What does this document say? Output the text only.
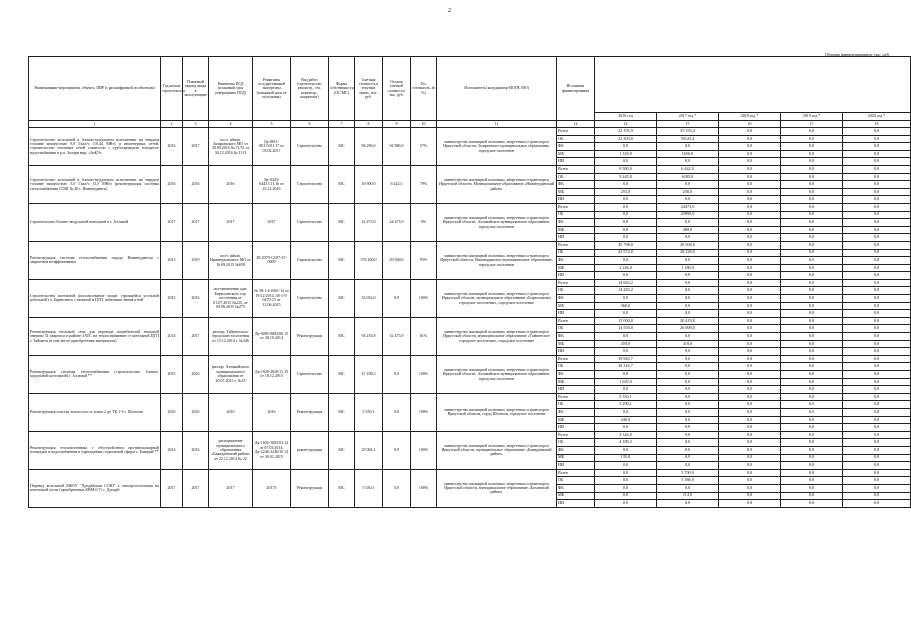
2
Объемы финансирования, тыс. руб.
Наименование мероприятия, объекта, ПИР (с расшифровкой по объектам)	Год начала строительства	Плановый период ввода в эксплуатацию	Реквизиты ПСД (плановый срок утверждения ПСД)	Реквизиты государственной экспертизы (плановый срок ее получения)	Вид работ (строительство, реконстр., тех. перевоор., капремонт)	Форма собственности (ОС/МС)	Сметная стоимость в текущих ценах, тыс. руб.	Остаток сметной стоимости, тыс. руб.	Тех. готовность, (в %)	Исполнитель (координатор-ИОГВ, МО)	Источники финансирования					
												2016 год	2017 год *	2018 год *	2019 год *	2020 год *
1	2	3	4	5	6	7	8	9	10	11	12	14	15	16	17	18
Строительство котельной в блочно-модульном исполнении на твердом топливе мощностью 9,0 Гкал/ч (10,44 МВт) и инженерных сетей, строительство тепловых сетей совместно с трубопроводом холодного водоснабжения в р.п. Залари мкр. «ЗиКЭ»	2016	2017	пост. admin. Заларинского МО от 30.09.2016 № 71/51 от 30.12.2016 № 1113	Дк-0011-00113/01.17 от 03.02.2017	Строительство	МС	96 296,9	94 986,0	57%	министерство жилищной политики, энергетики и транспорта Иркутской области, Заларинское муниципальное образование, городское поселение	Всего	23 195,9	55 193,4	0,0	0,0	0,0
											ОБ	22 303,8	53125,4	0,0	0,0	0,0
											ФБ	0,0	0,0	0,0	0,0	0,0
											МБ	1 318,9	1656,0	0,0	0,0	0,0
											ИИ	0,0	0,0	0,0	0,0	0,0
Строительство котельной в блочно-модульном исполнении на твердом топливе мощностью 3,0 Гкал/ч (3,5 МВт) (реконструкция системы теплоснабжения СОШ № 48 г. Нижнеудинск)	2016	2016	2016	Дк-0443-04431/11.16 от 23.12.2016	Строительство	МС	10 900,0	6 422,5	79%	министерство жилищной политики, энергетики и транспорта Иркутской области, Муниципальное образование «Нижнеудинский район»	Всего	9 500,0	6 442,0	0,0	0,0	0,0
											ОБ	9 245,0	6185,0	0,0	0,0	0,0
											ФБ	0,0	0,0	0,0	0,0	0,0
											МБ	255,0	258,0	0,0	0,0	0,0
											ИИ	0,0	0,0	0,0	0,0	0,0
Строительство блочно-модульной котельной в г. Алзамай	2017	2017	2017	2017	Строительство	МС	24 473,0	24 473,0	0%	министерство жилищной политики, энергетики и транспорта Иркутской области, Алзамайское муниципальное образование, городское поселение	Всего	0,0	24473,0	0,0	0,0	0,0
											ОБ	0,0	23999,0	0,0	0,0	0,0
											ФБ	0,0	0,0	0,0	0,0	0,0
											МБ	0,0	490,0	0,0	0,0	0,0
											ИИ	0,0	0,0	0,0	0,0	0,0
Реконструкция системы теплоснабжения города Нижнеудинска с закрытием неэффективных	2013	2019	пост. admin. Нижнеудинского МО от 16.09.2015 №658	38-2079-12/07-27-0009	Строительство	МС	576 400,0	29 500,0	95%	министерство жилищной политики, энергетики и транспорта Иркутской области, Нижнеудинское муниципальное образование, городское поселение	Всего	45 798,0	29 500,0	0,0	0,0	0,0
											ОБ	43 572,0	28 320,0	0,0	0,0	0,0
											ФБ	0,0	0,0	0,0	0,0	0,0
											МБ	2 226,0	1 180,0	0,0	0,0	0,0
											ИИ	0,0	0,0	0,0	0,0	0,0
Строительство котельной (использование мощн. строящейся угольной котельной) п. Бирюсинск с заменой и ЦТП, кабельная линия к ней	2015	2016	постановление адм. Бирюсинского гор. поселения от 01.07.2015 №225, от 09.06.2015 №275	№ 38-1-4-0361-14 от 19/12/2014, 38-1-5-0470-15 от 12.06.2015	Строительство	МС	33 032,0	0,0	100%	министерство жилищной политики, энергетики и транспорта Иркутской области, муниципальное образование «Бирюсинское городское поселение», городское поселение	Всего	14 643,2	0,0	0,0	0,0	0,0
											ОБ	14 283,2	0,0	0,0	0,0	0,0
											ФБ	0,0	0,0	0,0	0,0	0,0
											МБ	360,0	0,0	0,0	0,0	0,0
											ИИ	0,0	0,0	0,0	0,0	0,0
Реконструкция тепловой сети для перевода потребителей тепловой энергии 31 квартала в районе ЗАТС на теплоснабжение от котельной ЦТП г. Тайшета (в том числе приобретение материалов)	2014	2017	распор. Тайшетского городского поселения от 15.12.2014 г. №346	Дк-0085-0082/06.15 от 30.10.2014	Реконструкция	МС	94 233,8	32 475,0	61%	министерство жилищной политики, энергетики и транспорта Иркутской области, муниципальное образование «Тайшетское городское поселение», городское поселение	Всего	15 000,0	20 419,8	0,0	0,0	0,0
											ОБ	14 550,0	20 000,0	0,0	0,0	0,0
											ФБ	0,0	0,0	0,0	0,0	0,0
											МБ	450,0	419,8	0,0	0,0	0,0
											ИИ	0,0	0,0	0,0	0,0	0,0
Реконструкция системы теплоснабжения (строительство блочно-модульной котельной) г. Алзамай **	2015	2016	распор. Алзамайского муниципального образования от 20.07.2015 г. №18	Дк-1920-2020/11.15 от 18.12.2015	Строительство	МС	47 109,3	0,0	100%	министерство жилищной политики, энергетики и транспорта Иркутской области, Алзамайское муниципальное образование, городское поселение	Всего	39 945,7	0,0	0,0	0,0	0,0
											ОБ	38 316,7	0,0	0,0	0,0	0,0
											ФБ	0,0	0,0	0,0	0,0	0,0
											МБ	1 629,0	0,0	0,0	0,0	0,0
											ИИ	0,0	0,0	0,0	0,0	0,0
Реконструкция участка теплосети от точки 2 до ТК 1-3 г. Шелехов	2016	2016	2016	2016	Реконструкция	МС	5 530,1	0,0	100%	министерство жилищной политики, энергетики и транспорта Иркутской области, город Шелехов, городское поселение	Всего	5 530,1	0,0	0,0	0,0	0,0
											ОБ	5 290,1	0,0	0,0	0,0	0,0
											ФБ	0,0	0,0	0,0	0,0	0,0
											МБ	240,0	0,0	0,0	0,0	0,0
											ИИ	0,0	0,0	0,0	0,0	0,0
Реконструкция теплоисточника с обустройством противопожарной площадки и водоснабжения в учреждении социальной сферы с. Баяндай **	2014	2016	распоряжение муниципального образования «Баяндаевский район» от 22.12.2014 № 22	Дк-1692-1692/03.14 от 07.03.2014, Дк-2246-2246/10.14 от 30.01.2015	реконструкция	МС	29 004,1	0,0	100%	министерство жилищной политики, энергетики и транспорта Иркутской области, муниципальное образование «Баяндаевский район»	Всего	4 324,0	0,0	0,0	0,0	0,0
											ОБ	4 189,2	0,0	0,0	0,0	0,0
											ФБ	0,0	0,0	0,0	0,0	0,0
											МБ	135,0	0,0	0,0	0,0	0,0
											ИИ	0,0	0,0	0,0	0,0	0,0
Перевод котельной МБОУ "Дундайская СОШ" с электроотопления на котельный уголь (приобретение КВМ-0,7) с. Дундай	2017	2017	2017	20175	Реконструкция	МС	5 530,1	0,0	100%	министерство жилищной политики, энергетики и транспорта Иркутской области, муниципальное образование «Боханский район»	Всего	0,0	5 700,0	0,0	0,0	0,0
											ОБ	0,0	5 586,0	0,0	0,0	0,0
											ФБ	0,0	0,0	0,0	0,0	0,0
											МБ	0,0	114,0	0,0	0,0	0,0
											ИИ	0,0	0,0	0,0	0,0	0,0
